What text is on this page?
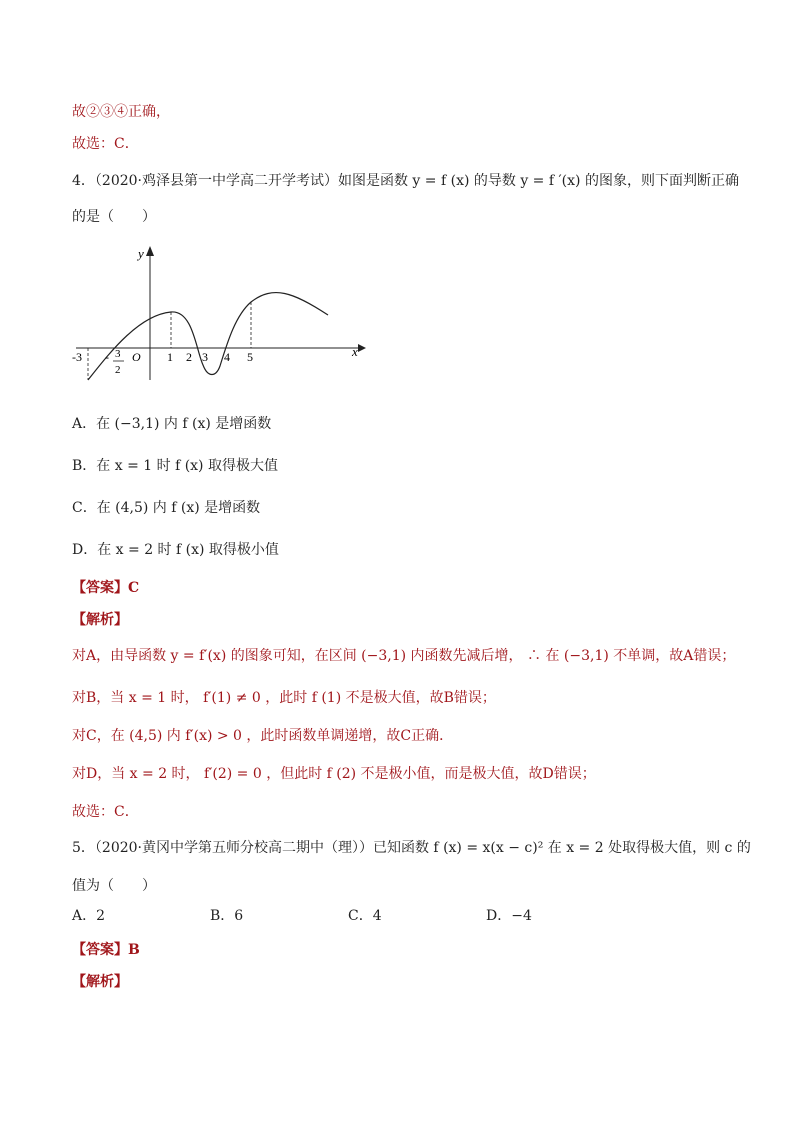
故②③④正确，
故选：C．
4．（2020·鸡泽县第一中学高二开学考试）如图是函数 y = f (x) 的导数 y = f ′(x) 的图象，则下面判断正确
的是（　　）
y
x
-3 - 3
2
O 1 2 3 4 5
A．在 (−3,1) 内 f (x) 是增函数
B．在 x = 1 时 f (x) 取得极大值
C．在 (4,5) 内 f (x) 是增函数
D．在 x = 2 时 f (x) 取得极小值
【答案】C
【解析】
对A，由导函数 y = f′(x) 的图象可知，在区间 (−3,1) 内函数先减后增， ∴ 在 (−3,1) 不单调，故A错误；
对B，当 x = 1 时， f′(1) ≠ 0 ，此时 f (1) 不是极大值，故B错误；
对C，在 (4,5) 内 f′(x) > 0 ，此时函数单调递增，故C正确．
对D，当 x = 2 时， f′(2) = 0 ，但此时 f (2) 不是极小值，而是极大值，故D错误；
故选：C．
5．（2020·黄冈中学第五师分校高二期中（理））已知函数 f (x) = x(x − c)² 在 x = 2 处取得极大值，则 c 的
值为（　　）
A．2	B．6	C．4	D．−4
【答案】B
【解析】
